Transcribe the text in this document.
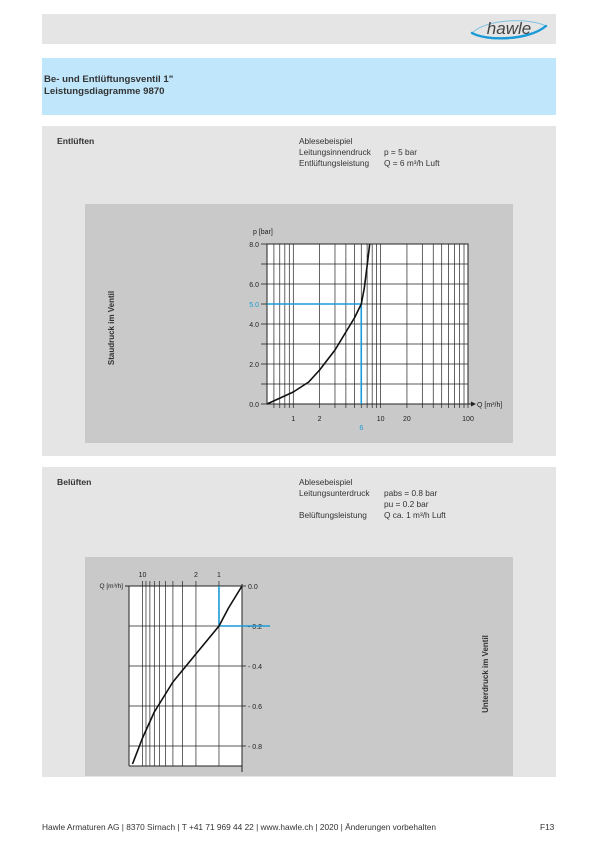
hawle
Be- und Entlüftungsventil 1"
Leistungsdiagramme 9870
Entlüften	Ablesebeispiel
Leitungsinnendruck p = 5 bar
Entlüftungsleistung Q = 6 m³/h Luft
0.0
2.0
4.0
6.0
8.0
p [bar]
1	2	10	20	100
Q [m³/h]
5.0
6
Staudruck im Ventil
Belüften	Ablesebeispiel
Leitungsunterdruck pabs = 0.8 bar
pu = 0.2 bar
Belüftungsleistung Q ca. 1 m³/h Luft
10	2	1
Q [m³/h]	0.0
- 0.2
- 0.4
- 0.6
- 0.8
Unterdruck im Ventil
Hawle Armaturen AG | 8370 Sirnach | T +41 71 969 44 22 | www.hawle.ch | 2020 | Änderungen vorbehalten	F13
